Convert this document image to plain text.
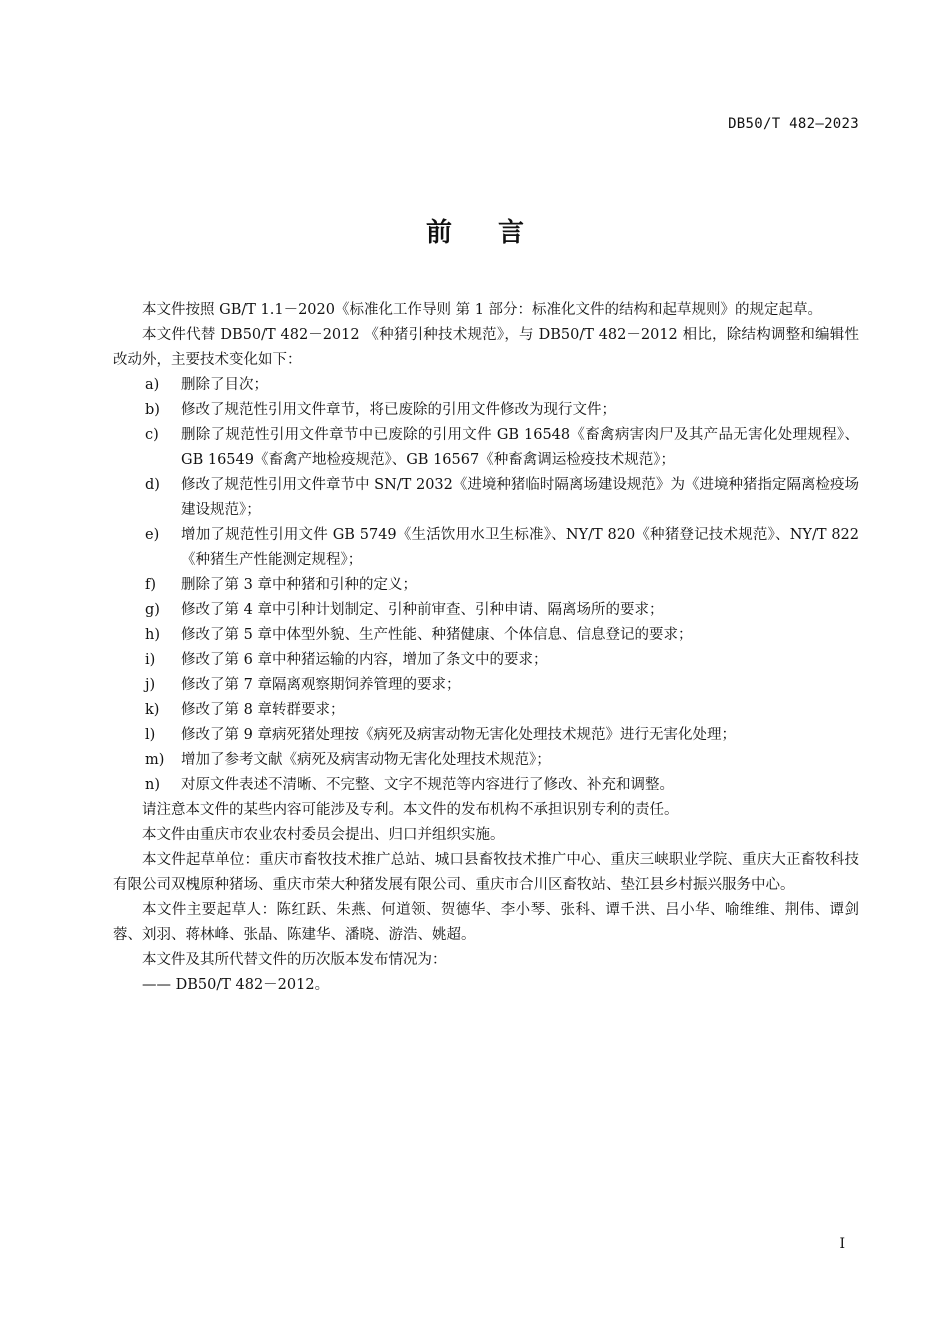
DB50/T 482—2023
前言

本文件按照 GB/T 1.1－2020《标准化工作导则 第 1 部分：标准化文件的结构和起草规则》的规定起草。

本文件代替 DB50/T 482－2012 《种猪引种技术规范》，与 DB50/T 482－2012 相比，除结构调整和编辑性改动外，主要技术变化如下：

a)	删除了目次；
b)	修改了规范性引用文件章节，将已废除的引用文件修改为现行文件；
c)	删除了规范性引用文件章节中已废除的引用文件 GB 16548《畜禽病害肉尸及其产品无害化处理规程》、GB 16549《畜禽产地检疫规范》、GB 16567《种畜禽调运检疫技术规范》；
d)	修改了规范性引用文件章节中 SN/T 2032《进境种猪临时隔离场建设规范》为《进境种猪指定隔离检疫场建设规范》；
e)	增加了规范性引用文件 GB 5749《生活饮用水卫生标准》、NY/T 820《种猪登记技术规范》、NY/T 822《种猪生产性能测定规程》；
f)	删除了第 3 章中种猪和引种的定义；
g)	修改了第 4 章中引种计划制定、引种前审查、引种申请、隔离场所的要求；
h)	修改了第 5 章中体型外貌、生产性能、种猪健康、个体信息、信息登记的要求；
i)	修改了第 6 章中种猪运输的内容，增加了条文中的要求；
j)	修改了第 7 章隔离观察期饲养管理的要求；
k)	修改了第 8 章转群要求；
l)	修改了第 9 章病死猪处理按《病死及病害动物无害化处理技术规范》进行无害化处理；
m)	增加了参考文献《病死及病害动物无害化处理技术规范》；
n)	对原文件表述不清晰、不完整、文字不规范等内容进行了修改、补充和调整。

请注意本文件的某些内容可能涉及专利。本文件的发布机构不承担识别专利的责任。

本文件由重庆市农业农村委员会提出、归口并组织实施。

本文件起草单位：重庆市畜牧技术推广总站、城口县畜牧技术推广中心、重庆三峡职业学院、重庆大正畜牧科技有限公司双槐原种猪场、重庆市荣大种猪发展有限公司、重庆市合川区畜牧站、垫江县乡村振兴服务中心。

本文件主要起草人：陈红跃、朱燕、何道领、贺德华、李小琴、张科、谭千洪、吕小华、喻维维、荆伟、谭剑蓉、刘羽、蒋林峰、张晶、陈建华、潘晓、游浩、姚超。

本文件及其所代替文件的历次版本发布情况为：

—— DB50/T 482－2012。

I
